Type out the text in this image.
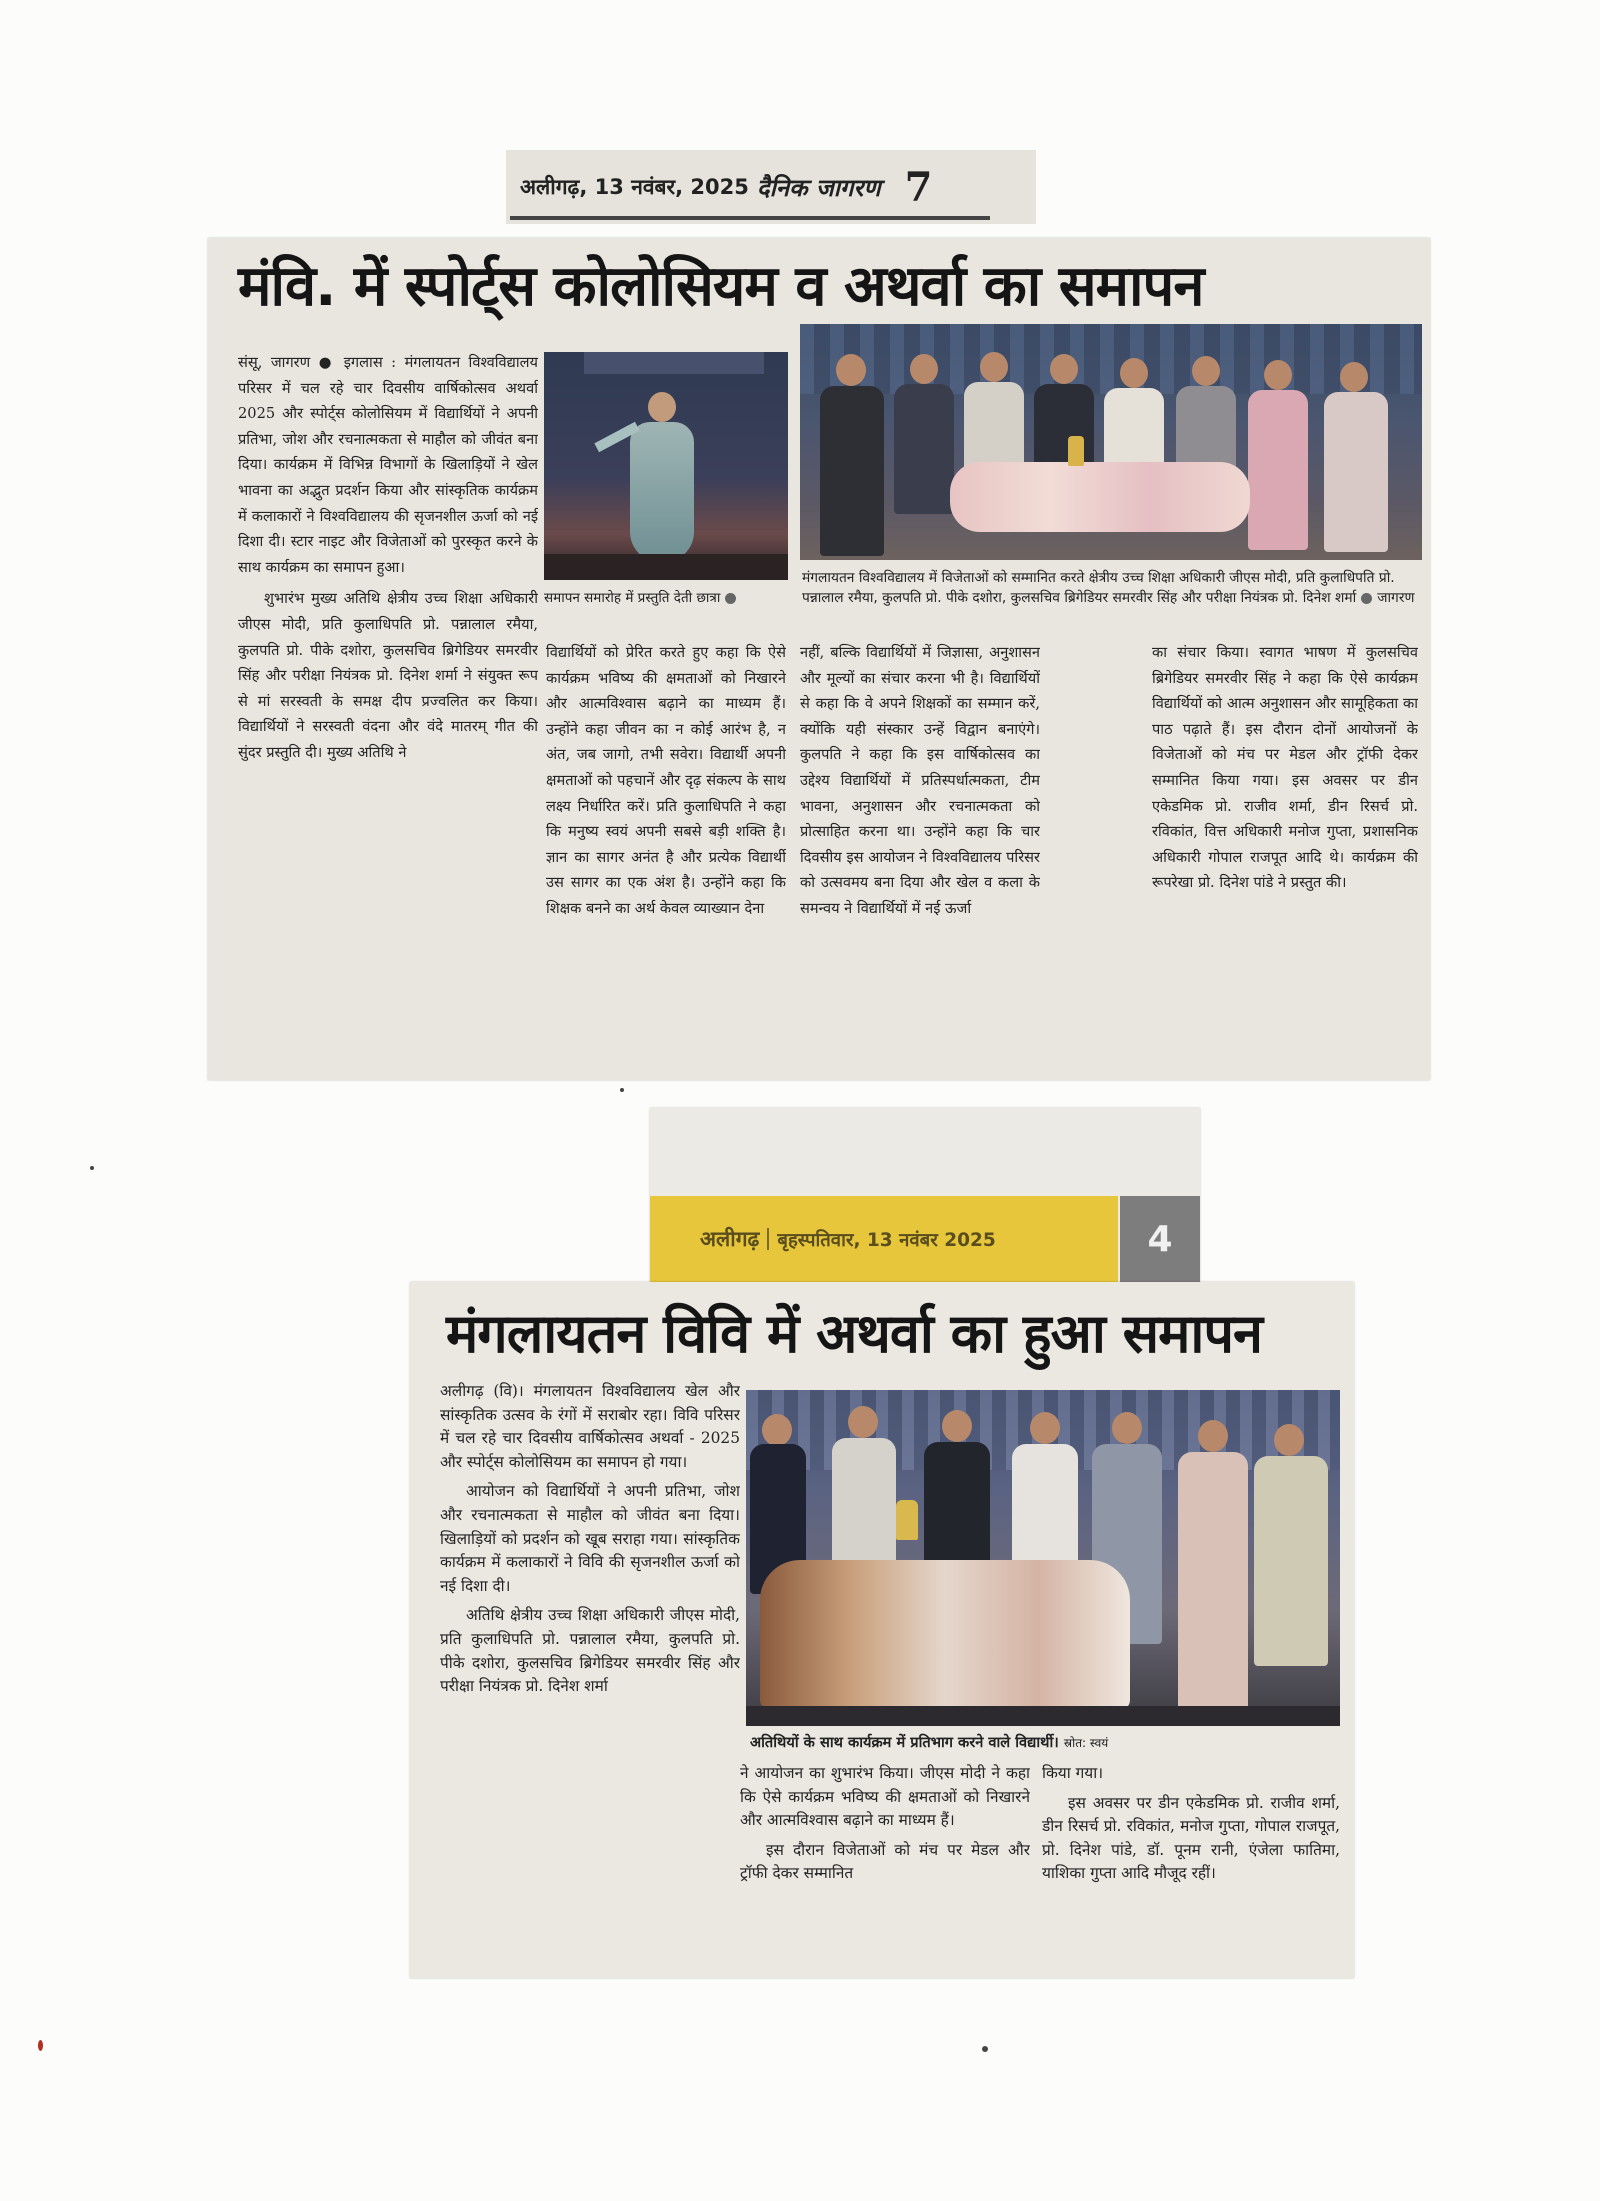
अलीगढ़, 13 नवंबर, 2025 दैनिक जागरण 7
मंवि. में स्पोर्ट्स कोलोसियम व अथर्वा का समापन

संसू, जागरण ● इगलास : मंगलायतन विश्वविद्यालय परिसर में चल रहे चार दिवसीय वार्षिकोत्सव अथर्वा 2025 और स्पोर्ट्स कोलोसियम में विद्यार्थियों ने अपनी प्रतिभा, जोश और रचनात्मकता से माहौल को जीवंत बना दिया। कार्यक्रम में विभिन्न विभागों के खिलाड़ियों ने खेल भावना का अद्भुत प्रदर्शन किया और सांस्कृतिक कार्यक्रम में कलाकारों ने विश्वविद्यालय की सृजनशील ऊर्जा को नई दिशा दी। स्टार नाइट और विजेताओं को पुरस्कृत करने के साथ कार्यक्रम का समापन हुआ।

शुभारंभ मुख्य अतिथि क्षेत्रीय उच्च शिक्षा अधिकारी जीएस मोदी, प्रति कुलाधिपति प्रो. पन्नालाल रमैया, कुलपति प्रो. पीके दशोरा, कुलसचिव ब्रिगेडियर समरवीर सिंह और परीक्षा नियंत्रक प्रो. दिनेश शर्मा ने संयुक्त रूप से मां सरस्वती के समक्ष दीप प्रज्वलित कर किया। विद्यार्थियों ने सरस्वती वंदना और वंदे मातरम् गीत की सुंदर प्रस्तुति दी। मुख्य अतिथि ने

समापन समारोह में प्रस्तुति देती छात्रा
मंगलायतन विश्वविद्यालय में विजेताओं को सम्मानित करते क्षेत्रीय उच्च शिक्षा अधिकारी जीएस मोदी, प्रति कुलाधिपति प्रो. पन्नालाल रमैया, कुलपति प्रो. पीके दशोरा, कुलसचिव ब्रिगेडियर समरवीर सिंह और परीक्षा नियंत्रक प्रो. दिनेश शर्मा जागरण

विद्यार्थियों को प्रेरित करते हुए कहा कि ऐसे कार्यक्रम भविष्य की क्षमताओं को निखारने और आत्मविश्वास बढ़ाने का माध्यम हैं। उन्होंने कहा जीवन का न कोई आरंभ है, न अंत, जब जागो, तभी सवेरा। विद्यार्थी अपनी क्षमताओं को पहचानें और दृढ़ संकल्प के साथ लक्ष्य निर्धारित करें। प्रति कुलाधिपति ने कहा कि मनुष्य स्वयं अपनी सबसे बड़ी शक्ति है। ज्ञान का सागर अनंत है और प्रत्येक विद्यार्थी उस सागर का एक अंश है। उन्होंने कहा कि शिक्षक बनने का अर्थ केवल व्याख्यान देना

नहीं, बल्कि विद्यार्थियों में जिज्ञासा, अनुशासन और मूल्यों का संचार करना भी है। विद्यार्थियों से कहा कि वे अपने शिक्षकों का सम्मान करें, क्योंकि यही संस्कार उन्हें विद्वान बनाएंगे। कुलपति ने कहा कि इस वार्षिकोत्सव का उद्देश्य विद्यार्थियों में प्रतिस्पर्धात्मकता, टीम भावना, अनुशासन और रचनात्मकता को प्रोत्साहित करना था। उन्होंने कहा कि चार दिवसीय इस आयोजन ने विश्वविद्यालय परिसर को उत्सवमय बना दिया और खेल व कला के समन्वय ने विद्यार्थियों में नई ऊर्जा

का संचार किया। स्वागत भाषण में कुलसचिव ब्रिगेडियर समरवीर सिंह ने कहा कि ऐसे कार्यक्रम विद्यार्थियों को आत्म अनुशासन और सामूहिकता का पाठ पढ़ाते हैं। इस दौरान दोनों आयोजनों के विजेताओं को मंच पर मेडल और ट्रॉफी देकर सम्मानित किया गया। इस अवसर पर डीन एकेडमिक प्रो. राजीव शर्मा, डीन रिसर्च प्रो. रविकांत, वित्त अधिकारी मनोज गुप्ता, प्रशासनिक अधिकारी गोपाल राजपूत आदि थे। कार्यक्रम की रूपरेखा प्रो. दिनेश पांडे ने प्रस्तुत की।

अलीगढ़ बृहस्पतिवार, 13 नवंबर 2025	4
मंगलायतन विवि में अथर्वा का हुआ समापन

अलीगढ़ (वि)। मंगलायतन विश्वविद्यालय खेल और सांस्कृतिक उत्सव के रंगों में सराबोर रहा। विवि परिसर में चल रहे चार दिवसीय वार्षिकोत्सव अथर्वा - 2025 और स्पोर्ट्स कोलोसियम का समापन हो गया।

आयोजन को विद्यार्थियों ने अपनी प्रतिभा, जोश और रचनात्मकता से माहौल को जीवंत बना दिया। खिलाड़ियों को प्रदर्शन को खूब सराहा गया। सांस्कृतिक कार्यक्रम में कलाकारों ने विवि की सृजनशील ऊर्जा को नई दिशा दी।

अतिथि क्षेत्रीय उच्च शिक्षा अधिकारी जीएस मोदी, प्रति कुलाधिपति प्रो. पन्नालाल रमैया, कुलपति प्रो. पीके दशोरा, कुलसचिव ब्रिगेडियर समरवीर सिंह और परीक्षा नियंत्रक प्रो. दिनेश शर्मा

अतिथियों के साथ कार्यक्रम में प्रतिभाग करने वाले विद्यार्थी। स्रोत: स्वयं

ने आयोजन का शुभारंभ किया। जीएस मोदी ने कहा कि ऐसे कार्यक्रम भविष्य की क्षमताओं को निखारने और आत्मविश्वास बढ़ाने का माध्यम हैं।

इस दौरान विजेताओं को मंच पर मेडल और ट्रॉफी देकर सम्मानित

किया गया।

इस अवसर पर डीन एकेडमिक प्रो. राजीव शर्मा, डीन रिसर्च प्रो. रविकांत, मनोज गुप्ता, गोपाल राजपूत, प्रो. दिनेश पांडे, डॉ. पूनम रानी, एंजेला फातिमा, याशिका गुप्ता आदि मौजूद रहीं।
